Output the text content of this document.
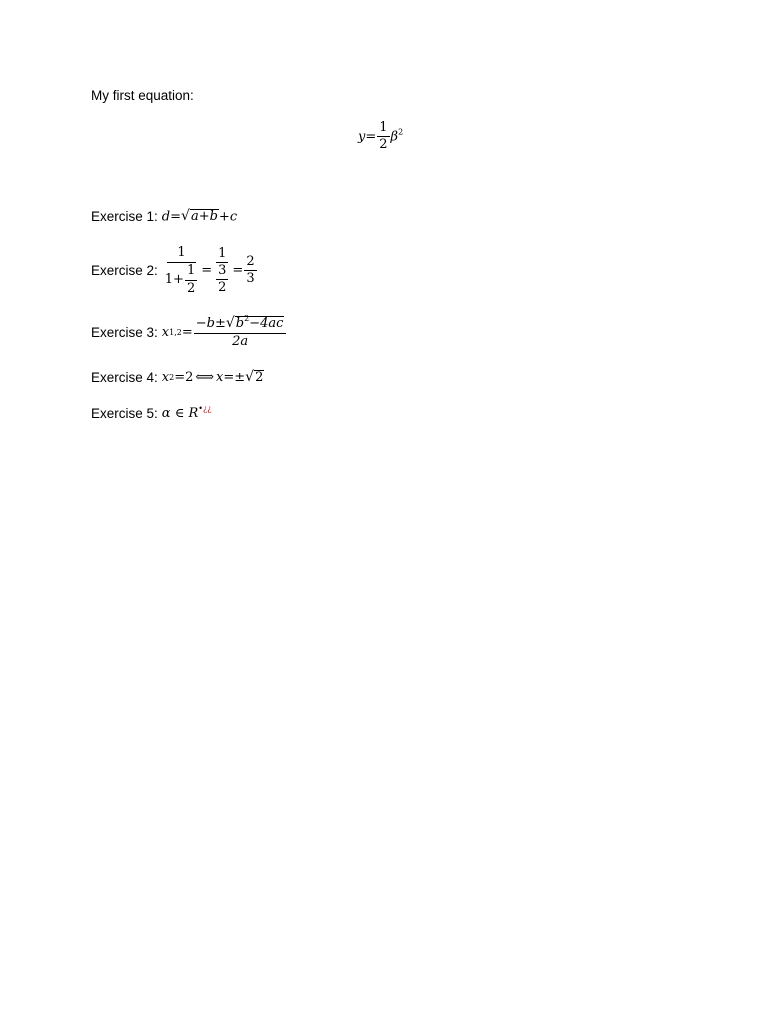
My first equation:
$y= \frac{1}{2} \beta^2$
Exercise 1: d= √ a+b +c
Exercise 2: $\frac{1}{1+ \frac{1}{2}} = \frac{1}{\frac{3}{2}} = \frac{2}{3}$
Exercise 3: x $1,2 = \frac{-b\pm √ b^2-4ac}{2a}$
Exercise 4: x 2 =2 ⟺ x =± √ 2
Exercise 5: α ∈ R•¿¿
